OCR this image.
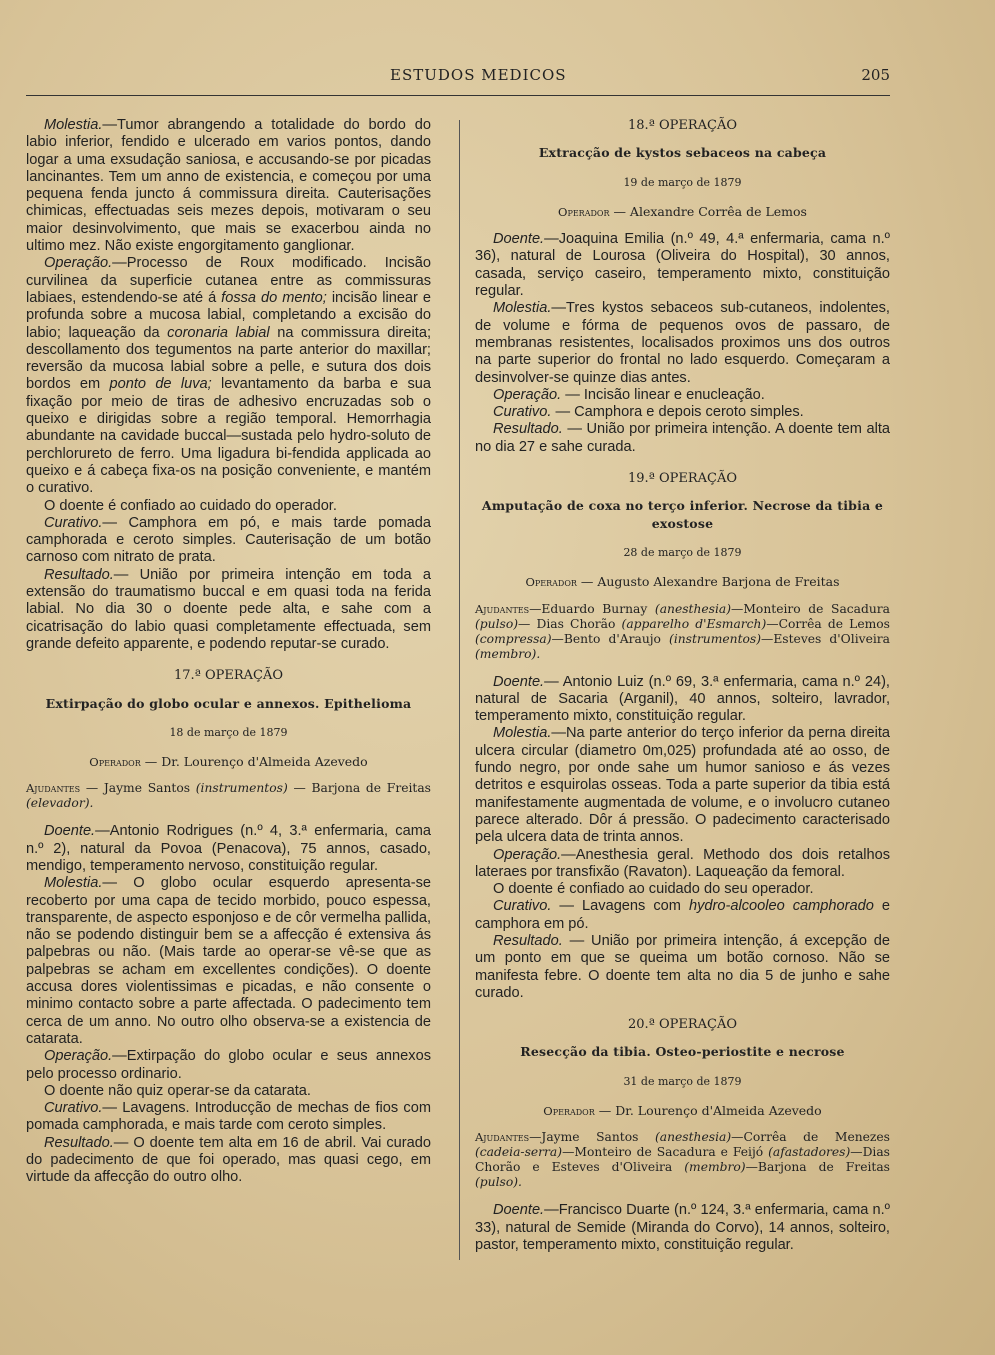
ESTUDOS MEDICOS	205

Molestia.—Tumor abrangendo a totalidade do bordo do labio inferior, fendido e ulcerado em varios pontos, dando logar a uma exsudação saniosa, e accusando-se por picadas lancinantes. Tem um anno de existencia, e começou por uma pequena fenda juncto á commissura direita. Cauterisações chimicas, effectuadas seis mezes depois, motivaram o seu maior desinvolvimento, que mais se exacerbou ainda no ultimo mez. Não existe engorgitamento ganglionar.

Operação.—Processo de Roux modificado. Incisão curvilinea da superficie cutanea entre as commissuras labiaes, estendendo-se até á fossa do mento; incisão linear e profunda sobre a mucosa labial, completando a excisão do labio; laqueação da coronaria labial na commissura direita; descollamento dos tegumentos na parte anterior do maxillar; reversão da mucosa labial sobre a pelle, e sutura dos dois bordos em ponto de luva; levantamento da barba e sua fixação por meio de tiras de adhesivo encruzadas sob o queixo e dirigidas sobre a região temporal. Hemorrhagia abundante na cavidade buccal—sustada pelo hydro-soluto de perchlorureto de ferro. Uma ligadura bi-fendida applicada ao queixo e á cabeça fixa-os na posição conveniente, e mantém o curativo.

O doente é confiado ao cuidado do operador.

Curativo.— Camphora em pó, e mais tarde pomada camphorada e ceroto simples. Cauterisação de um botão carnoso com nitrato de prata.

Resultado.— União por primeira intenção em toda a extensão do traumatismo buccal e em quasi toda na ferida labial. No dia 30 o doente pede alta, e sahe com a cicatrisação do labio quasi completamente effectuada, sem grande defeito apparente, e podendo reputar-se curado.

17.ª OPERAÇÃO

Extirpação do globo ocular e annexos. Epithelioma

18 de março de 1879

Operador — Dr. Lourenço d'Almeida Azevedo

Ajudantes — Jayme Santos (instrumentos) — Barjona de Freitas (elevador).

Doente.—Antonio Rodrigues (n.º 4, 3.ª enfermaria, cama n.º 2), natural da Povoa (Penacova), 75 annos, casado, mendigo, temperamento nervoso, constituição regular.

Molestia.— O globo ocular esquerdo apresenta-se recoberto por uma capa de tecido morbido, pouco espessa, transparente, de aspecto esponjoso e de côr vermelha pallida, não se podendo distinguir bem se a affecção é extensiva ás palpebras ou não. (Mais tarde ao operar-se vê-se que as palpebras se acham em excellentes condições). O doente accusa dores violentissimas e picadas, e não consente o minimo contacto sobre a parte affectada. O padecimento tem cerca de um anno. No outro olho observa-se a existencia de catarata.

Operação.—Extirpação do globo ocular e seus annexos pelo processo ordinario.

O doente não quiz operar-se da catarata.

Curativo.— Lavagens. Introducção de mechas de fios com pomada camphorada, e mais tarde com ceroto simples.

Resultado.— O doente tem alta em 16 de abril. Vai curado do padecimento de que foi operado, mas quasi cego, em virtude da affecção do outro olho.

18.ª OPERAÇÃO

Extracção de kystos sebaceos na cabeça

19 de março de 1879

Operador — Alexandre Corrêa de Lemos

Doente.—Joaquina Emilia (n.º 49, 4.ª enfermaria, cama n.º 36), natural de Lourosa (Oliveira do Hospital), 30 annos, casada, serviço caseiro, temperamento mixto, constituição regular.

Molestia.—Tres kystos sebaceos sub-cutaneos, indolentes, de volume e fórma de pequenos ovos de passaro, de membranas resistentes, localisados proximos uns dos outros na parte superior do frontal no lado esquerdo. Começaram a desinvolver-se quinze dias antes.

Operação. — Incisão linear e enucleação.

Curativo. — Camphora e depois ceroto simples.

Resultado. — União por primeira intenção. A doente tem alta no dia 27 e sahe curada.

19.ª OPERAÇÃO

Amputação de coxa no terço inferior. Necrose da tibia e exostose

28 de março de 1879

Operador — Augusto Alexandre Barjona de Freitas

Ajudantes—Eduardo Burnay (anesthesia)—Monteiro de Sacadura (pulso)— Dias Chorão (apparelho d'Esmarch)—Corrêa de Lemos (compressa)—Bento d'Araujo (instrumentos)—Esteves d'Oliveira (membro).

Doente.— Antonio Luiz (n.º 69, 3.ª enfermaria, cama n.º 24), natural de Sacaria (Arganil), 40 annos, solteiro, lavrador, temperamento mixto, constituição regular.

Molestia.—Na parte anterior do terço inferior da perna direita ulcera circular (diametro 0m,025) profundada até ao osso, de fundo negro, por onde sahe um humor sanioso e ás vezes detritos e esquirolas osseas. Toda a parte superior da tibia está manifestamente augmentada de volume, e o involucro cutaneo parece alterado. Dôr á pressão. O padecimento caracterisado pela ulcera data de trinta annos.

Operação.—Anesthesia geral. Methodo dos dois retalhos lateraes por transfixão (Ravaton). Laqueação da femoral.

O doente é confiado ao cuidado do seu operador.

Curativo. — Lavagens com hydro-alcooleo camphorado e camphora em pó.

Resultado. — União por primeira intenção, á excepção de um ponto em que se queima um botão cornoso. Não se manifesta febre. O doente tem alta no dia 5 de junho e sahe curado.

20.ª OPERAÇÃO

Resecção da tibia. Osteo-periostite e necrose

31 de março de 1879

Operador — Dr. Lourenço d'Almeida Azevedo

Ajudantes—Jayme Santos (anesthesia)—Corrêa de Menezes (cadeia-serra)—Monteiro de Sacadura e Feijó (afastadores)—Dias Chorão e Esteves d'Oliveira (membro)—Barjona de Freitas (pulso).

Doente.—Francisco Duarte (n.º 124, 3.ª enfermaria, cama n.º 33), natural de Semide (Miranda do Corvo), 14 annos, solteiro, pastor, temperamento mixto, constituição regular.
